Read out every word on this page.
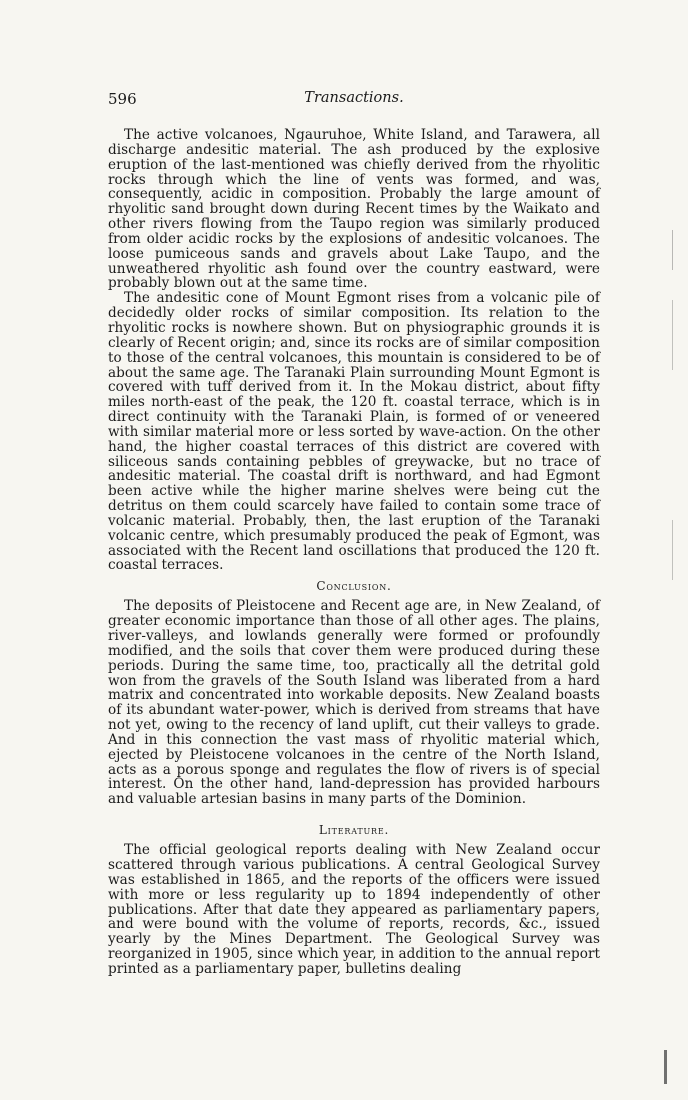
596	Transactions.

The active volcanoes, Ngauruhoe, White Island, and Tarawera, all discharge andesitic material. The ash produced by the explosive eruption of the last-mentioned was chiefly derived from the rhyolitic rocks through which the line of vents was formed, and was, consequently, acidic in composition. Probably the large amount of rhyolitic sand brought down during Recent times by the Waikato and other rivers flowing from the Taupo region was similarly produced from older acidic rocks by the explosions of andesitic volcanoes. The loose pumiceous sands and gravels about Lake Taupo, and the unweathered rhyolitic ash found over the country eastward, were probably blown out at the same time.

The andesitic cone of Mount Egmont rises from a volcanic pile of decidedly older rocks of similar composition. Its relation to the rhyolitic rocks is nowhere shown. But on physiographic grounds it is clearly of Recent origin; and, since its rocks are of similar composition to those of the central volcanoes, this mountain is considered to be of about the same age. The Taranaki Plain surrounding Mount Egmont is covered with tuff derived from it. In the Mokau district, about fifty miles north-east of the peak, the 120 ft. coastal terrace, which is in direct continuity with the Taranaki Plain, is formed of or veneered with similar material more or less sorted by wave-action. On the other hand, the higher coastal terraces of this district are covered with siliceous sands containing pebbles of greywacke, but no trace of andesitic material. The coastal drift is northward, and had Egmont been active while the higher marine shelves were being cut the detritus on them could scarcely have failed to contain some trace of volcanic material. Probably, then, the last eruption of the Taranaki volcanic centre, which presumably produced the peak of Egmont, was associated with the Recent land oscillations that produced the 120 ft. coastal terraces.

Conclusion.

The deposits of Pleistocene and Recent age are, in New Zealand, of greater economic importance than those of all other ages. The plains, river-valleys, and lowlands generally were formed or profoundly modified, and the soils that cover them were produced during these periods. During the same time, too, practically all the detrital gold won from the gravels of the South Island was liberated from a hard matrix and concentrated into workable deposits. New Zealand boasts of its abundant water-power, which is derived from streams that have not yet, owing to the recency of land uplift, cut their valleys to grade. And in this connection the vast mass of rhyolitic material which, ejected by Pleistocene volcanoes in the centre of the North Island, acts as a porous sponge and regulates the flow of rivers is of special interest. On the other hand, land-depression has provided harbours and valuable artesian basins in many parts of the Dominion.

Literature.

The official geological reports dealing with New Zealand occur scattered through various publications. A central Geological Survey was established in 1865, and the reports of the officers were issued with more or less regularity up to 1894 independently of other publications. After that date they appeared as parliamentary papers, and were bound with the volume of reports, records, &c., issued yearly by the Mines Department. The Geological Survey was reorganized in 1905, since which year, in addition to the annual report printed as a parliamentary paper, bulletins dealing
